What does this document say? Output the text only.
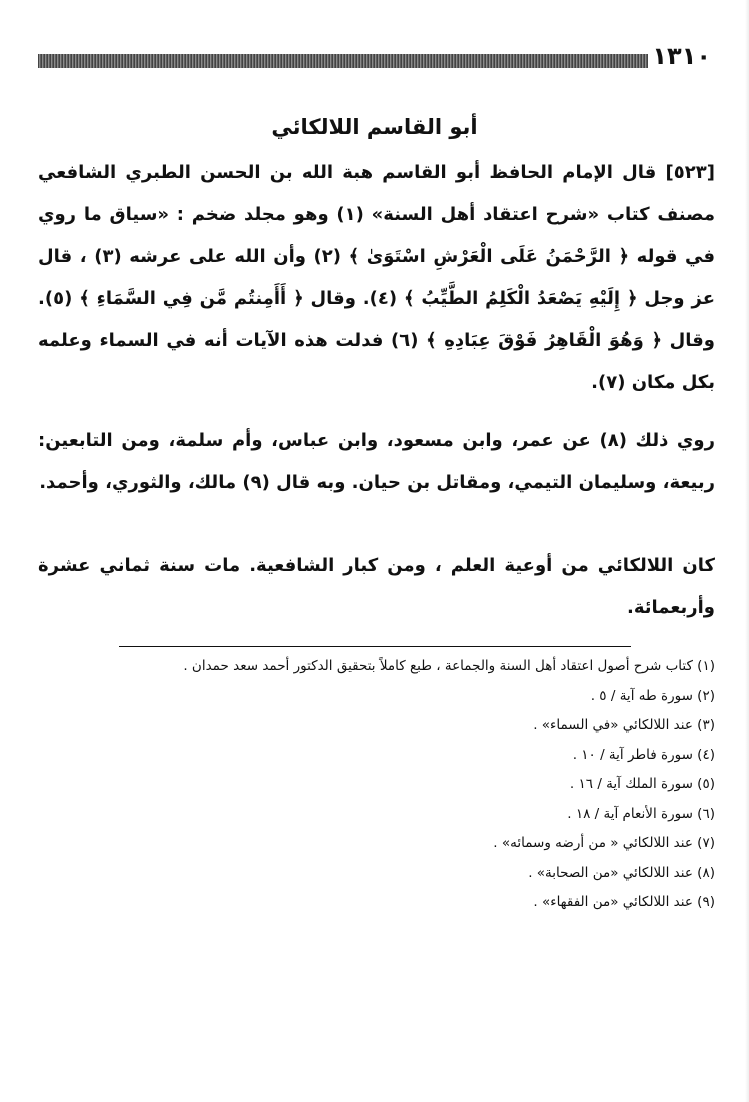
١٣١٠
أبو القاسم اللالكائي
[٥٢٣] قال الإمام الحافظ أبو القاسم هبة الله بن الحسن الطبري الشافعي مصنف كتاب «شرح اعتقاد أهل السنة» (١) وهو مجلد ضخم : «سياق ما روي في قوله ﴿ الرَّحْمَنُ عَلَى الْعَرْشِ اسْتَوَىٰ ﴾ (٢) وأن الله على عرشه (٣) ، قال عز وجل ﴿ إِلَيْهِ يَصْعَدُ الْكَلِمُ الطَّيِّبُ ﴾ (٤). وقال ﴿ أَأَمِنتُم مَّن فِي السَّمَاءِ ﴾ (٥). وقال ﴿ وَهُوَ الْقَاهِرُ فَوْقَ عِبَادِهِ ﴾ (٦) فدلت هذه الآيات أنه في السماء وعلمه بكل مكان (٧).
روي ذلك (٨) عن عمر، وابن مسعود، وابن عباس، وأم سلمة، ومن التابعين: ربيعة، وسليمان التيمي، ومقاتل بن حيان. وبه قال (٩) مالك، والثوري، وأحمد.
كان اللالكائي من أوعية العلم ، ومن كبار الشافعية. مات سنة ثماني عشرة وأربعمائة.
(١) كتاب شرح أصول اعتقاد أهل السنة والجماعة ، طبع كاملاً بتحقيق الدكتور أحمد سعد حمدان .
(٢) سورة طه آية / ٥ .
(٣) عند اللالكائي «في السماء» .
(٤) سورة فاطر آية / ١٠ .
(٥) سورة الملك آية / ١٦ .
(٦) سورة الأنعام آية / ١٨ .
(٧) عند اللالكائي « من أرضه وسمائه» .
(٨) عند اللالكائي «من الصحابة» .
(٩) عند اللالكائي «من الفقهاء» .
